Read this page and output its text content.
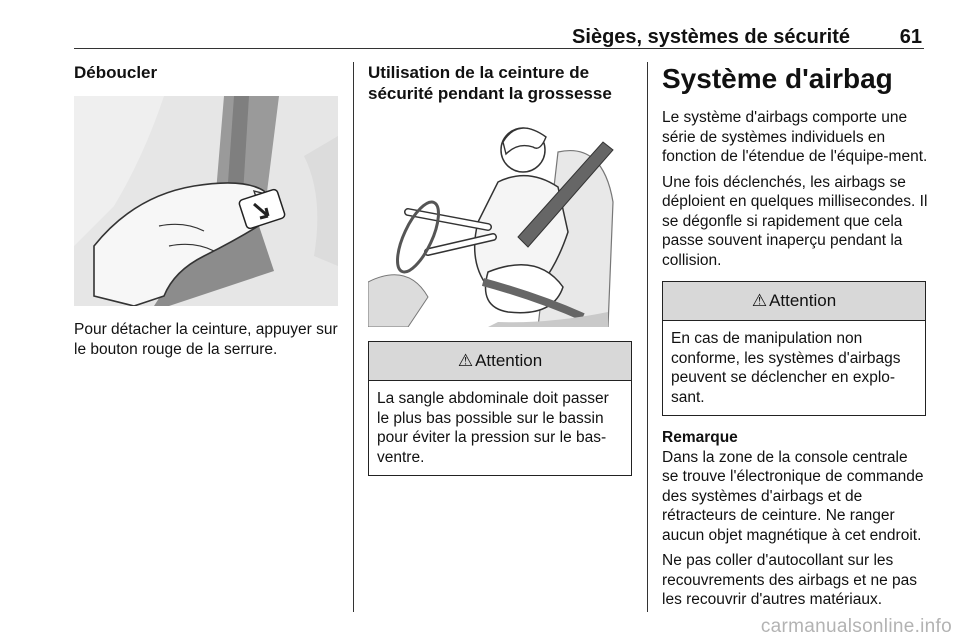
Sièges, systèmes de sécurité 61
Déboucler

Pour détacher la ceinture, appuyer sur le bouton rouge de la serrure.

Utilisation de la ceinture de sécurité pendant la grossesse
⚠ Attention
La sangle abdominale doit passer le plus bas possible sur le bassin pour éviter la pression sur le bas-ventre.
Système d'airbag

Le système d'airbags comporte une série de systèmes individuels en fonction de l'étendue de l'équipe-ment.

Une fois déclenchés, les airbags se déploient en quelques millisecondes. Il se dégonfle si rapidement que cela passe souvent inaperçu pendant la collision.

⚠ Attention
En cas de manipulation non conforme, les systèmes d'airbags peuvent se déclencher en explo-sant.
Remarque

Dans la zone de la console centrale se trouve l'électronique de commande des systèmes d'airbags et de rétracteurs de ceinture. Ne ranger aucun objet magnétique à cet endroit.

Ne pas coller d'autocollant sur les recouvrements des airbags et ne pas les recouvrir d'autres matériaux.

carmanualsonline.info
